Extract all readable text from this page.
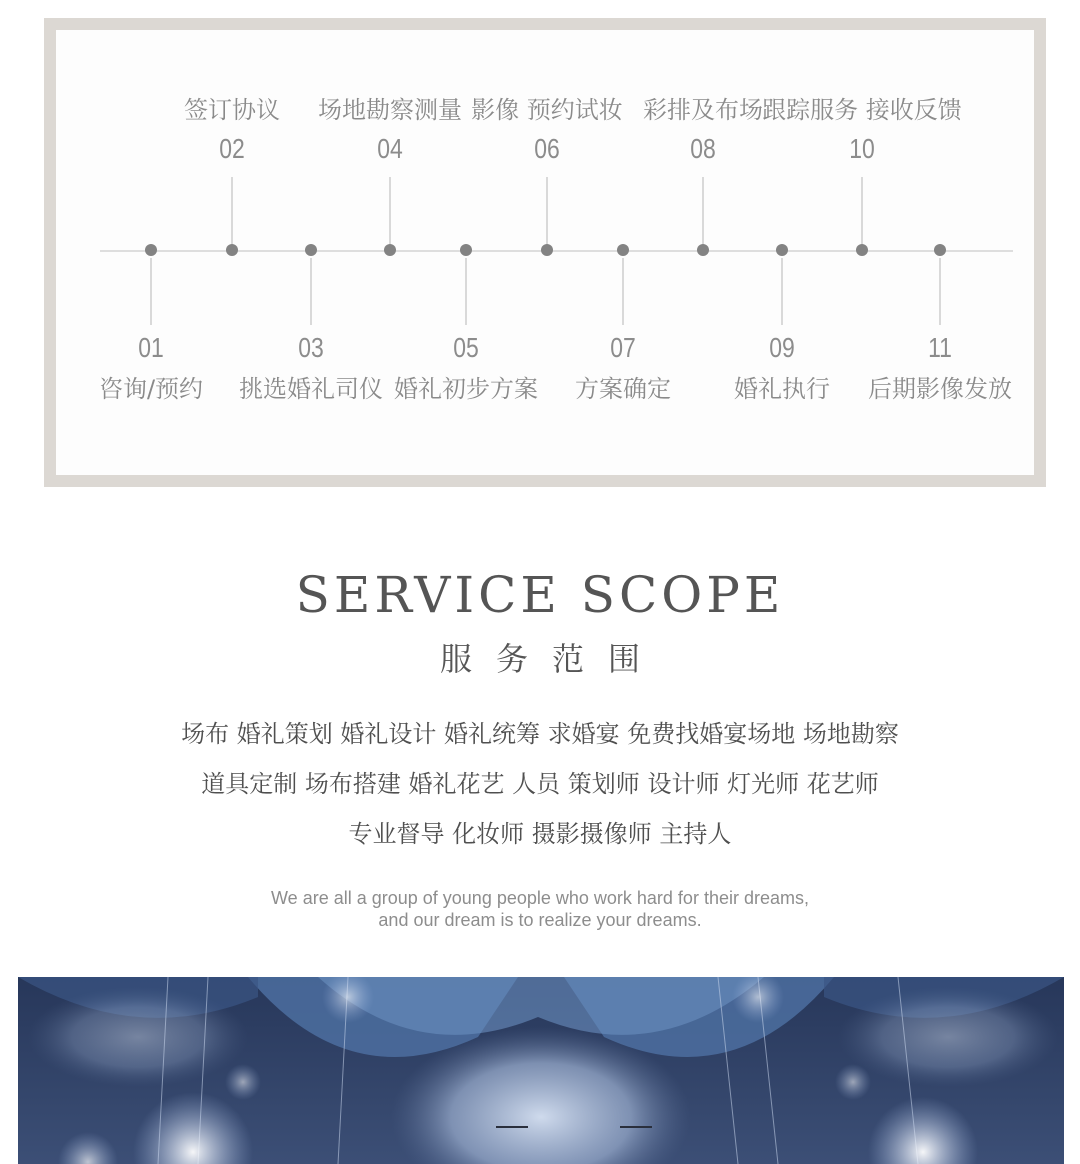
签订协议
02
场地勘察测量
04
影像 预约试妆
06
彩排及布场
08
跟踪服务 接收反馈
10
01
咨询/预约
03
挑选婚礼司仪
05
婚礼初步方案
07
方案确定
09
婚礼执行
11
后期影像发放
SERVICE SCOPE
服务范围
场布 婚礼策划 婚礼设计 婚礼统筹 求婚宴 免费找婚宴场地 场地勘察
道具定制 场布搭建 婚礼花艺 人员 策划师 设计师 灯光师 花艺师
专业督导 化妆师 摄影摄像师 主持人
We are all a group of young people who work hard for their dreams,
and our dream is to realize your dreams.
